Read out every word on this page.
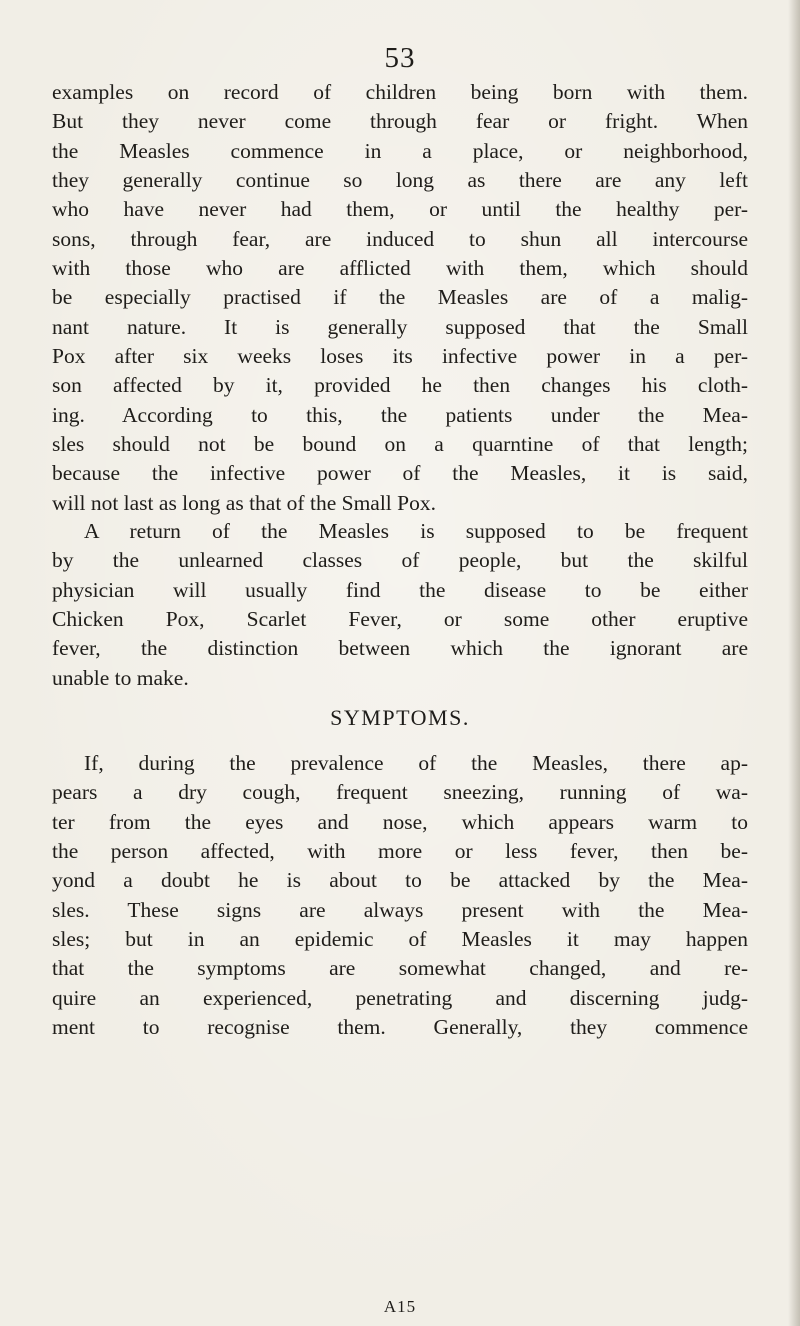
53
examples on record of children being born with them.
But they never come through fear or fright. When
the Measles commence in a place, or neighborhood,
they generally continue so long as there are any left
who have never had them, or until the healthy per-
sons, through fear, are induced to shun all intercourse
with those who are afflicted with them, which should
be especially practised if the Measles are of a malig-
nant nature. It is generally supposed that the Small
Pox after six weeks loses its infective power in a per-
son affected by it, provided he then changes his cloth-
ing. According to this, the patients under the Mea-
sles should not be bound on a quarntine of that length;
because the infective power of the Measles, it is said,
will not last as long as that of the Small Pox.
A return of the Measles is supposed to be frequent
by the unlearned classes of people, but the skilful
physician will usually find the disease to be either
Chicken Pox, Scarlet Fever, or some other eruptive
fever, the distinction between which the ignorant are
unable to make.
SYMPTOMS.
If, during the prevalence of the Measles, there ap-
pears a dry cough, frequent sneezing, running of wa-
ter from the eyes and nose, which appears warm to
the person affected, with more or less fever, then be-
yond a doubt he is about to be attacked by the Mea-
sles. These signs are always present with the Mea-
sles; but in an epidemic of Measles it may happen
that the symptoms are somewhat changed, and re-
quire an experienced, penetrating and discerning judg-
ment to recognise them. Generally, they commence
A15
